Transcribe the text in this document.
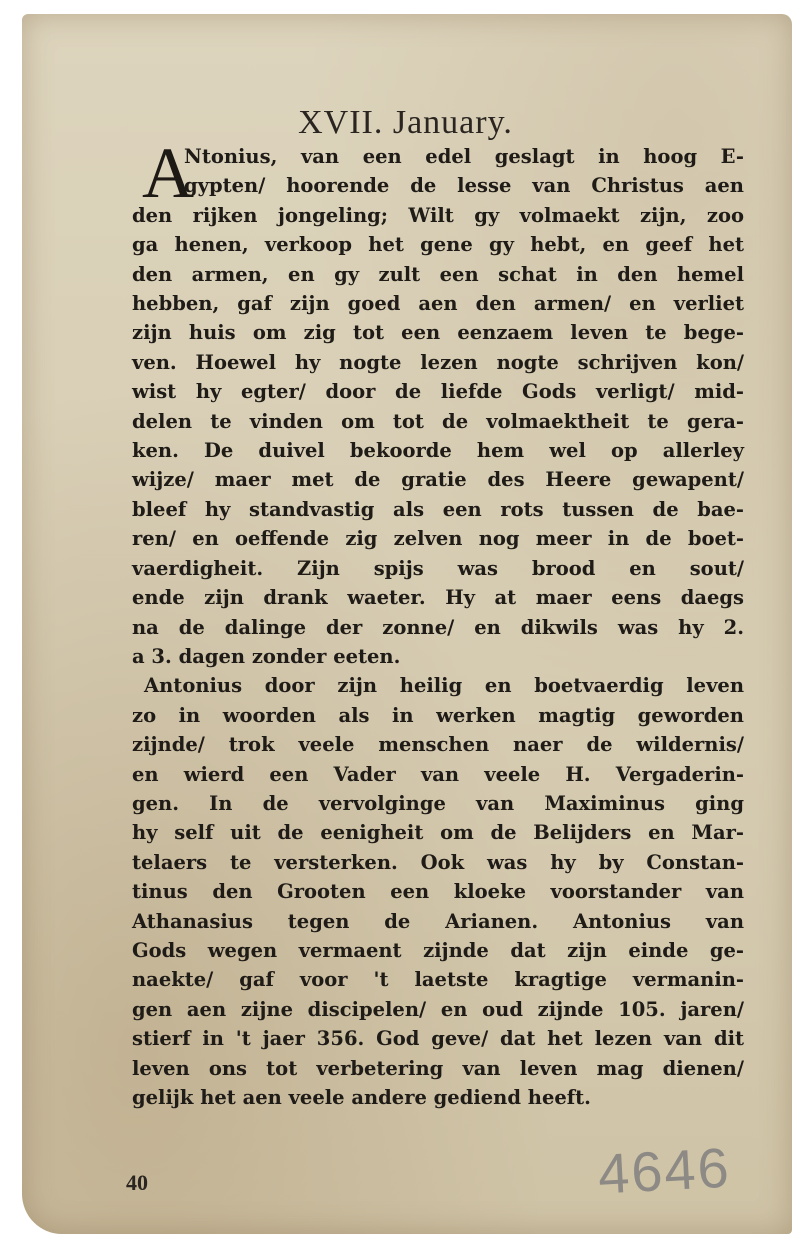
XVII. January.
A
Ntonius, van een edel geslagt in hoog E-
gypten/ hoorende de lesse van Christus aen
den rijken jongeling; Wilt gy volmaekt zijn, zoo
ga henen, verkoop het gene gy hebt, en geef het
den armen, en gy zult een schat in den hemel
hebben, gaf zijn goed aen den armen/ en verliet
zijn huis om zig tot een eenzaem leven te bege-
ven. Hoewel hy nogte lezen nogte schrijven kon/
wist hy egter/ door de liefde Gods verligt/ mid-
delen te vinden om tot de volmaektheit te gera-
ken. De duivel bekoorde hem wel op allerley
wijze/ maer met de gratie des Heere gewapent/
bleef hy standvastig als een rots tussen de bae-
ren/ en oeffende zig zelven nog meer in de boet-
vaerdigheit. Zijn spijs was brood en sout/
ende zijn drank waeter. Hy at maer eens daegs
na de dalinge der zonne/ en dikwils was hy 2.
a 3. dagen zonder eeten.
Antonius door zijn heilig en boetvaerdig leven
zo in woorden als in werken magtig geworden
zijnde/ trok veele menschen naer de wildernis/
en wierd een Vader van veele H. Vergaderin-
gen. In de vervolginge van Maximinus ging
hy self uit de eenigheit om de Belijders en Mar-
telaers te versterken. Ook was hy by Constan-
tinus den Grooten een kloeke voorstander van
Athanasius tegen de Arianen. Antonius van
Gods wegen vermaent zijnde dat zijn einde ge-
naekte/ gaf voor 't laetste kragtige vermanin-
gen aen zijne discipelen/ en oud zijnde 105. jaren/
stierf in 't jaer 356. God geve/ dat het lezen van dit
leven ons tot verbetering van leven mag dienen/
gelijk het aen veele andere gediend heeft.
40	4646
